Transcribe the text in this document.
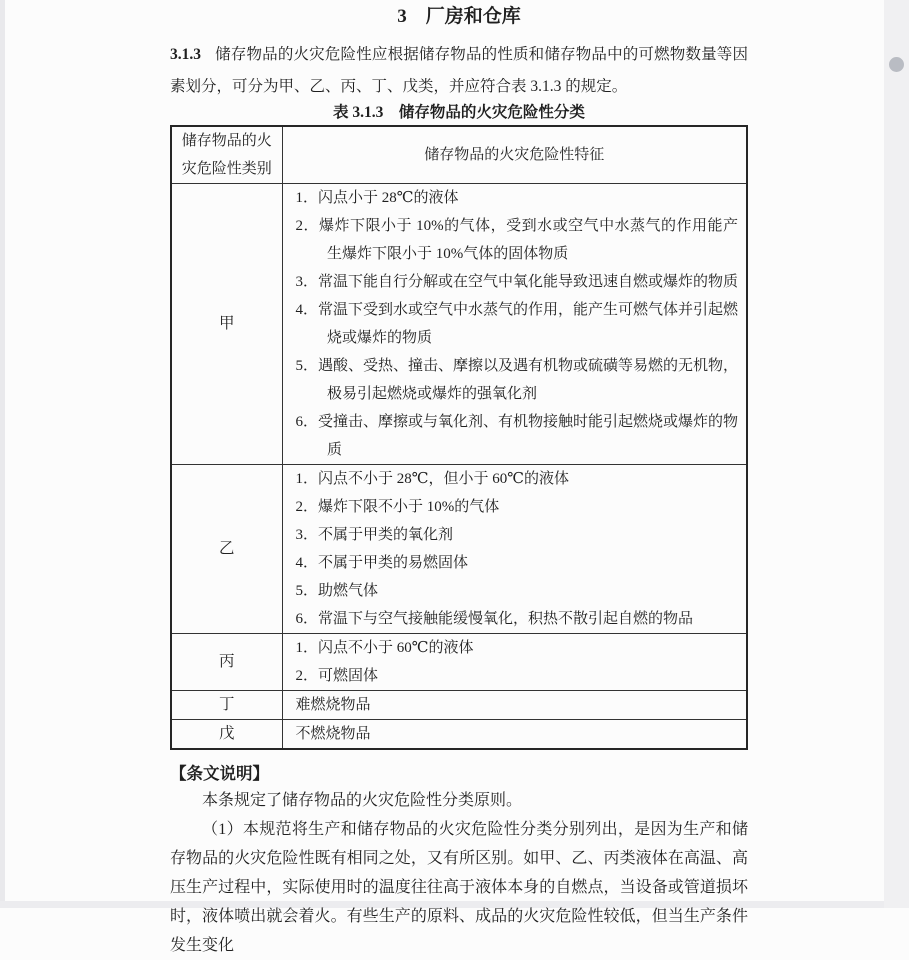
3　厂房和仓库

3.1.3 储存物品的火灾危险性应根据储存物品的性质和储存物品中的可燃物数量等因素划分，可分为甲、乙、丙、丁、戊类，并应符合表 3.1.3 的规定。

表 3.1.3　储存物品的火灾危险性分类
储存物品的火灾危险性类别	储存物品的火灾危险性特征
甲	
1．闪点小于 28℃的液体
2．爆炸下限小于 10%的气体，受到水或空气中水蒸气的作用能产生爆炸下限小于 10%气体的固体物质
3．常温下能自行分解或在空气中氧化能导致迅速自燃或爆炸的物质
4．常温下受到水或空气中水蒸气的作用，能产生可燃气体并引起燃烧或爆炸的物质
5．遇酸、受热、撞击、摩擦以及遇有机物或硫磺等易燃的无机物，极易引起燃烧或爆炸的强氧化剂
6．受撞击、摩擦或与氧化剂、有机物接触时能引起燃烧或爆炸的物质

乙	
1．闪点不小于 28℃，但小于 60℃的液体
2．爆炸下限不小于 10%的气体
3．不属于甲类的氧化剂
4．不属于甲类的易燃固体
5．助燃气体
6．常温下与空气接触能缓慢氧化，积热不散引起自燃的物品

丙	1．闪点不小于 60℃的液体
2．可燃固体

丁	难燃烧物品

戊	不燃烧物品
【条文说明】

本条规定了储存物品的火灾危险性分类原则。

（1）本规范将生产和储存物品的火灾危险性分类分别列出，是因为生产和储存物品的火灾危险性既有相同之处，又有所区别。如甲、乙、丙类液体在高温、高压生产过程中，实际使用时的温度往往高于液体本身的自燃点，当设备或管道损坏时，液体喷出就会着火。有些生产的原料、成品的火灾危险性较低，但当生产条件发生变化
